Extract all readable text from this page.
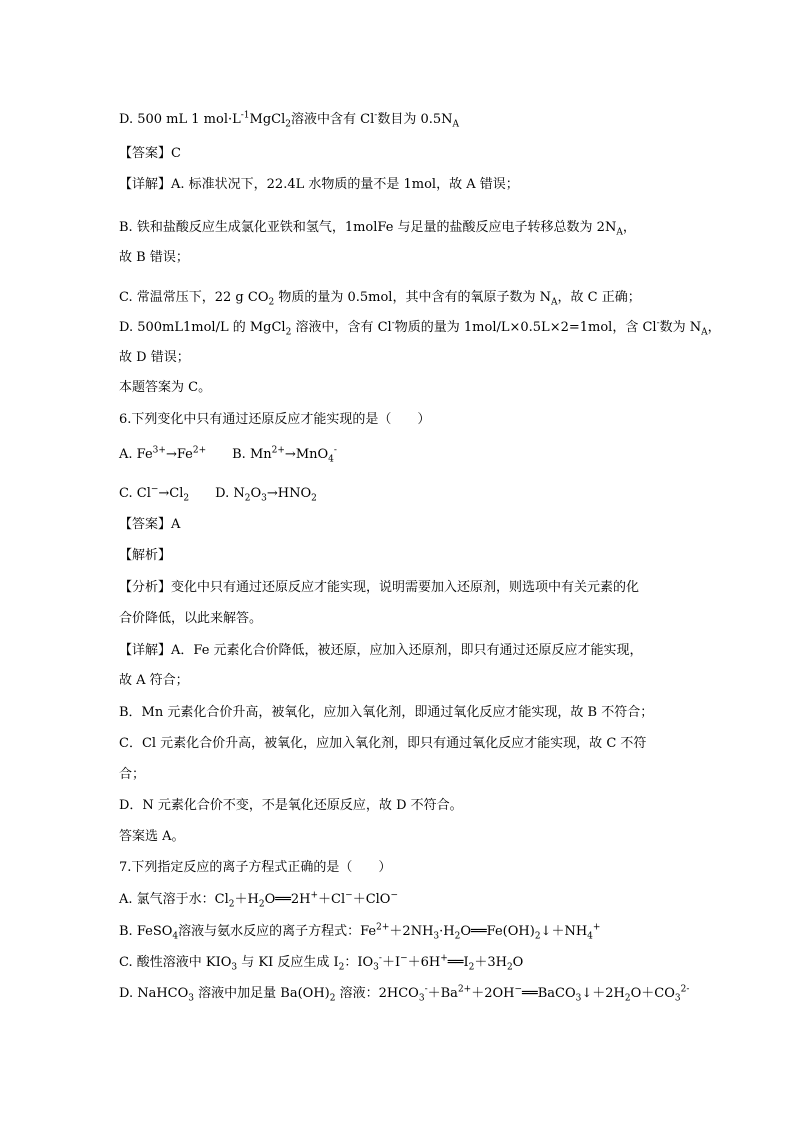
D. 500 mL 1 $mol\cdot L^{-1}MgCl_2$溶液中含有 Cl-数目为 $0.5N_A$
【答案】C
【详解】A. 标准状况下，22.4L 水物质的量不是 1mol，故 A 错误；
B. 铁和盐酸反应生成氯化亚铁和氢气，1molFe 与足量的盐酸反应电子转移总数为 $2N_A$，
故 B 错误；
C. 常温常压下，22 g $CO_2$ 物质的量为 0.5mol，其中含有的氧原子数为 $N_A$，故 C 正确；
D. 500mL1mol/L 的 MgCl$_2$ 溶液中，含有 Cl-物质的量为 1mol/L×0.5L×2=1mol，含 Cl-数为 $N_A$，
故 D 错误；
本题答案为 C。
6.下列变化中只有通过还原反应才能实现的是（　　）
A. $Fe^{3+}\to Fe^{2+}$　　B. $Mn^{2+}\to MnO_4^-$
C. $Cl^-\to Cl_2$　　D. $N_2O_3\to HNO_2$
【答案】A
【解析】
【分析】变化中只有通过还原反应才能实现，说明需要加入还原剂，则选项中有关元素的化
合价降低，以此来解答。
【详解】A．Fe 元素化合价降低，被还原，应加入还原剂，即只有通过还原反应才能实现，
故 A 符合；
B．Mn 元素化合价升高，被氧化，应加入氧化剂，即通过氧化反应才能实现，故 B 不符合；
C．Cl 元素化合价升高，被氧化，应加入氧化剂，即只有通过氧化反应才能实现，故 C 不符
合；
D．N 元素化合价不变，不是氧化还原反应，故 D 不符合。
答案选 A。
7.下列指定反应的离子方程式正确的是（　　）
A. 氯气溶于水：$Cl_2+H_2O══2H^++Cl^-+ClO^-$
B. FeSO$_4$溶液与氨水反应的离子方程式：$Fe^{2+}+2NH_3\cdot H_2O══Fe(OH)_2↓+NH_4^+$
C. 酸性溶液中 $KIO_3$ 与 KI 反应生成 $I_2$：$IO_3^-+I^-+6H^+══I_2+3H_2O$
D. NaHCO$_3$ 溶液中加足量 $Ba(OH)_2$ 溶液：$2HCO_3^-+Ba^{2+}+2OH^-══BaCO_3↓+2H_2O+CO_3^{2-}$
